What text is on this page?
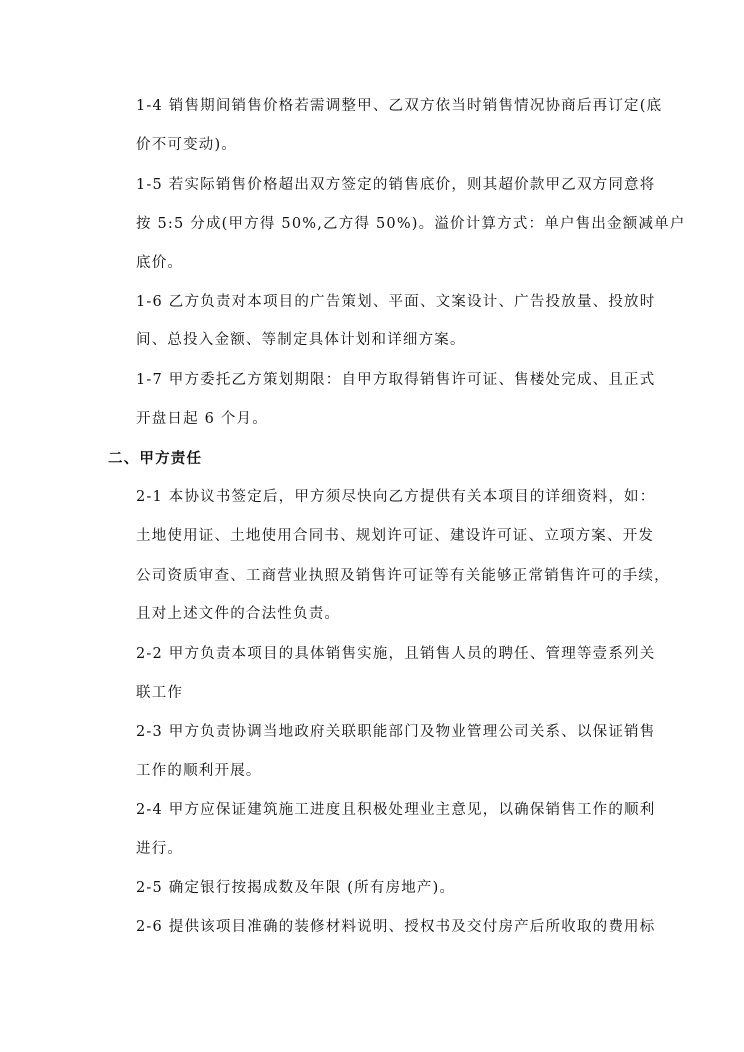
1-4 销售期间销售价格若需调整甲、乙双方依当时销售情况协商后再订定(底
价不可变动)。
1-5 若实际销售价格超出双方签定的销售底价，则其超价款甲乙双方同意将
按 5:5 分成(甲方得 50%,乙方得 50%)。溢价计算方式：单户售出金额减单户
底价。
1-6 乙方负责对本项目的广告策划、平面、文案设计、广告投放量、投放时
间、总投入金额、等制定具体计划和详细方案。
1-7 甲方委托乙方策划期限：自甲方取得销售许可证、售楼处完成、且正式
开盘日起 6 个月。
二、甲方责任
2-1 本协议书签定后，甲方须尽快向乙方提供有关本项目的详细资料，如：
土地使用证、土地使用合同书、规划许可证、建设许可证、立项方案、开发
公司资质审查、工商营业执照及销售许可证等有关能够正常销售许可的手续，
且对上述文件的合法性负责。
2-2 甲方负责本项目的具体销售实施，且销售人员的聘任、管理等壹系列关
联工作
2-3 甲方负责协调当地政府关联职能部门及物业管理公司关系、以保证销售
工作的顺利开展。
2-4 甲方应保证建筑施工进度且积极处理业主意见，以确保销售工作的顺利
进行。
2-5 确定银行按揭成数及年限 (所有房地产)。
2-6 提供该项目准确的装修材料说明、授权书及交付房产后所收取的费用标
